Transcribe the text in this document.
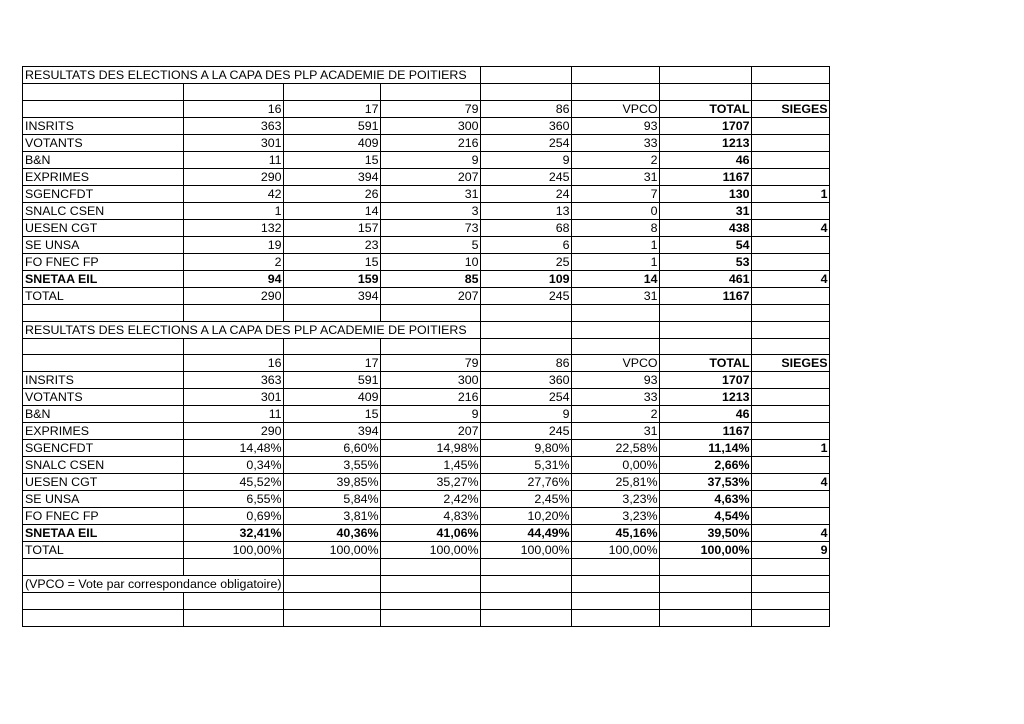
RESULTATS DES ELECTIONS A LA CAPA DES PLP ACADEMIE DE POITIERS							

	16	17	79	86	VPCO	TOTAL	SIEGES
INSRITS	363	591	300	360	93	1707	
VOTANTS	301	409	216	254	33	1213	
B&N	11	15	9	9	2	46	
EXPRIMES	290	394	207	245	31	1167	
SGENCFDT	42	26	31	24	7	130	1
SNALC CSEN	1	14	3	13	0	31	
UESEN CGT	132	157	73	68	8	438	4
SE UNSA	19	23	5	6	1	54	
FO FNEC FP	2	15	10	25	1	53	
SNETAA EIL	94	159	85	109	14	461	4
TOTAL	290	394	207	245	31	1167	

RESULTATS DES ELECTIONS A LA CAPA DES PLP ACADEMIE DE POITIERS							

	16	17	79	86	VPCO	TOTAL	SIEGES
INSRITS	363	591	300	360	93	1707	
VOTANTS	301	409	216	254	33	1213	
B&N	11	15	9	9	2	46	
EXPRIMES	290	394	207	245	31	1167	
SGENCFDT	14,48%	6,60%	14,98%	9,80%	22,58%	11,14%	1
SNALC CSEN	0,34%	3,55%	1,45%	5,31%	0,00%	2,66%	
UESEN CGT	45,52%	39,85%	35,27%	27,76%	25,81%	37,53%	4
SE UNSA	6,55%	5,84%	2,42%	2,45%	3,23%	4,63%	
FO FNEC FP	0,69%	3,81%	4,83%	10,20%	3,23%	4,54%	
SNETAA EIL	32,41%	40,36%	41,06%	44,49%	45,16%	39,50%	4
TOTAL	100,00%	100,00%	100,00%	100,00%	100,00%	100,00%	9

(VPCO = Vote par correspondance obligatoire)							
